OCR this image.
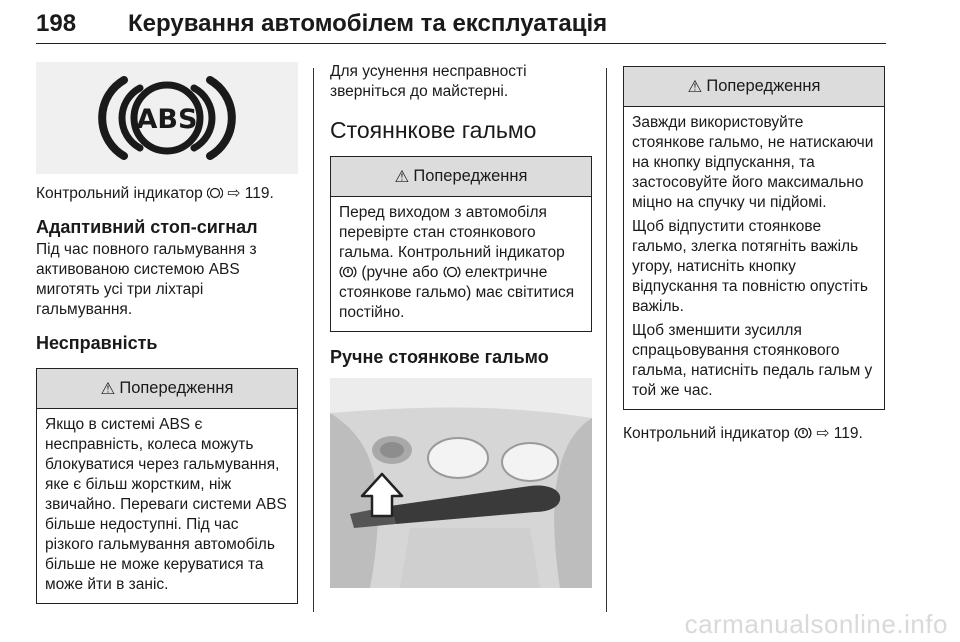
198 Керування автомобілем та експлуатація
ABS
Контрольний індикатор ⇨ 119.
Адаптивний стоп-сигнал
Під час повного гальмування з активованою системою ABS миготять усі три ліхтарі гальмування.
Несправність
⚠ Попередження
Якщо в системі ABS є несправність, колеса можуть блокуватися через гальмування, яке є більш жорстким, ніж звичайно. Переваги системи ABS більше недоступні. Під час різкого гальмування автомобіль більше не може керуватися та може йти в заніс.
Для усунення несправності зверніться до майстерні.
Стояннкове гальмо
⚠ Попередження
Перед виходом з автомобіля перевірте стан стоянкового гальма. Контрольний індикатор  (ручне або електричне стоянкове гальмо) має світитися постійно.
Ручне стоянкове гальмо
⚠ Попередження

Завжди використовуйте стоянкове гальмо, не натискаючи на кнопку відпускання, та застосовуйте його максимально міцно на спучку чи підйомі.

Щоб відпустити стоянкове гальмо, злегка потягніть важіль угору, натисніть кнопку відпускання та повністю опустіть важіль.

Щоб зменшити зусилля спрацьовування стоянкового гальма, натисніть педаль гальм у той же час.

Контрольний індикатор ⇨ 119.
carmanualsonline.info
